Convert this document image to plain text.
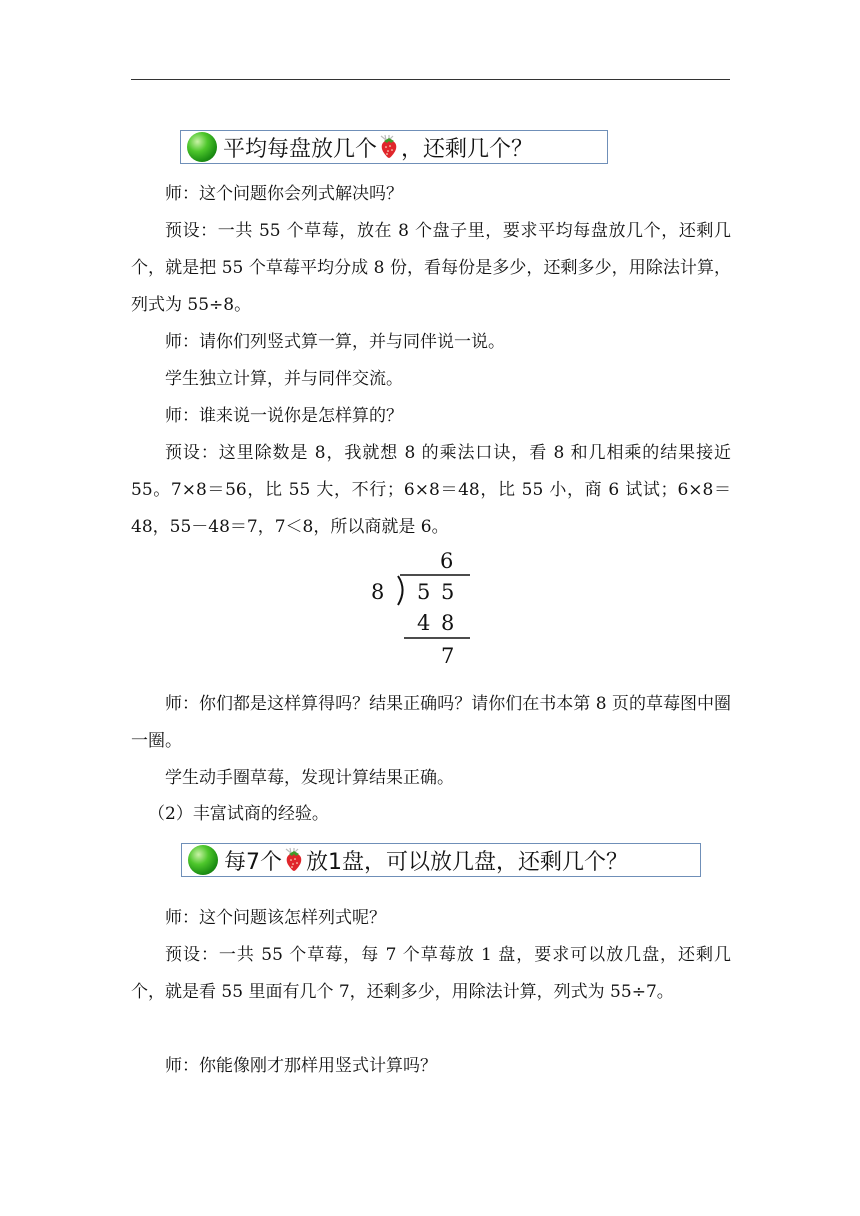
平均每盘放几个 ，还剩几个？

师：这个问题你会列式解决吗？

预设：一共 55 个草莓，放在 8 个盘子里，要求平均每盘放几个，还剩几个，就是把 55 个草莓平均分成 8 份，看每份是多少，还剩多少，用除法计算，列式为 55÷8。

师：请你们列竖式算一算，并与同伴说一说。

学生独立计算，并与同伴交流。

师：谁来说一说你是怎样算的？

预设：这里除数是 8，我就想 8 的乘法口诀，看 8 和几相乘的结果接近 55。7×8＝56，比 55 大，不行；6×8＝48，比 55 小，商 6 试试；6×8＝48，55－48＝7，7＜8，所以商就是 6。

6
8 5 5
4 8
7

师：你们都是这样算得吗？结果正确吗？请你们在书本第 8 页的草莓图中圈一圈。

学生动手圈草莓，发现计算结果正确。

（2）丰富试商的经验。

每7个 放1盘，可以放几盘，还剩几个？

师：这个问题该怎样列式呢？

预设：一共 55 个草莓，每 7 个草莓放 1 盘，要求可以放几盘，还剩几个，就是看 55 里面有几个 7，还剩多少，用除法计算，列式为 55÷7。

师：你能像刚才那样用竖式计算吗？
